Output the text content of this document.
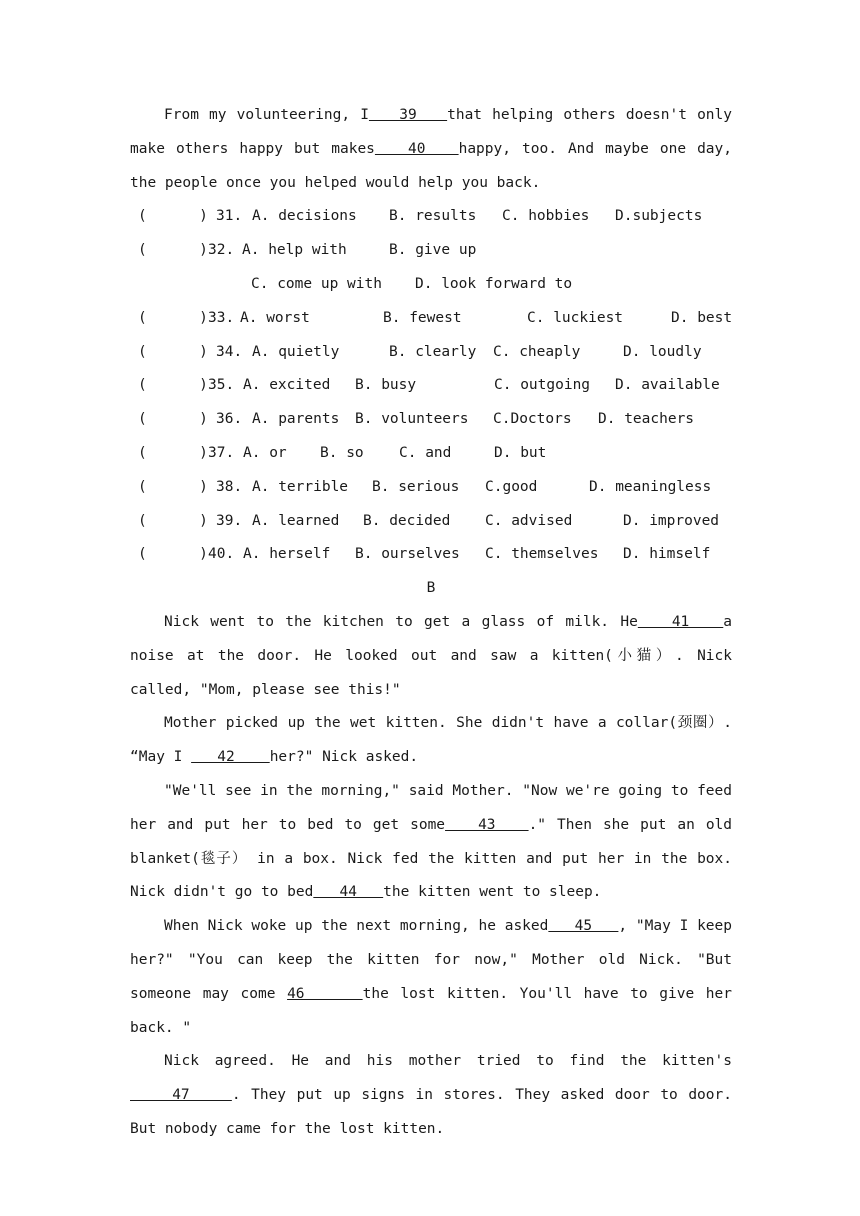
From my volunteering, I   39   that helping others doesn't only make others happy but makes   40   happy, too. And maybe one day, the people once you helped would help you back.

(      )

31.

A. decisions

B. results

C. hobbies

D.subjects

(      )

32.

A. help with

	B. give up

C. come up with

D. look forward to

(      )

33.

A. worst

	B. fewest

	C. luckiest

	D. best

(      )

34.

A. quietly

	B. clearly

C. cheaply

	D. loudly

(      )

35.

A. excited

B. busy

	C. outgoing

D. available

(      )

36.

A. parents

B. volunteers

C.Doctors

D. teachers

(      )

37.

A. or

B. so

C. and

	D. but

(      )

38.

A. terrible

B. serious

C.good

	D. meaningless

(      )

39.

A. learned

B. decided

C. advised

	D. improved

(      )

40.

A. herself

B. ourselves

C. themselves

D. himself

B

Nick went to the kitchen to get a glass of milk. He   41   a noise at the door. He looked out and saw a kitten(小猫）. Nick called, "Mom, please see this!"

Mother picked up the wet kitten. She didn't have a collar(颈圈）. “May I    42    her?" Nick asked.

"We'll see in the morning," said Mother. "Now we're going to feed her and put her to bed to get some   43   ." Then she put an old blanket(毯子） in a box. Nick fed the kitten and put her in the box. Nick didn't go to bed   44   the kitten went to sleep.

When Nick woke up the next morning, he asked   45   , "May I keep her?" "You can keep the kitten for now," Mother old Nick. "But someone may come 46     the lost kitten. You'll have to give her back. "

Nick agreed. He and his mother tried to find the kitten's    47    . They put up signs in stores. They asked door to door. But nobody came for the lost kitten.
